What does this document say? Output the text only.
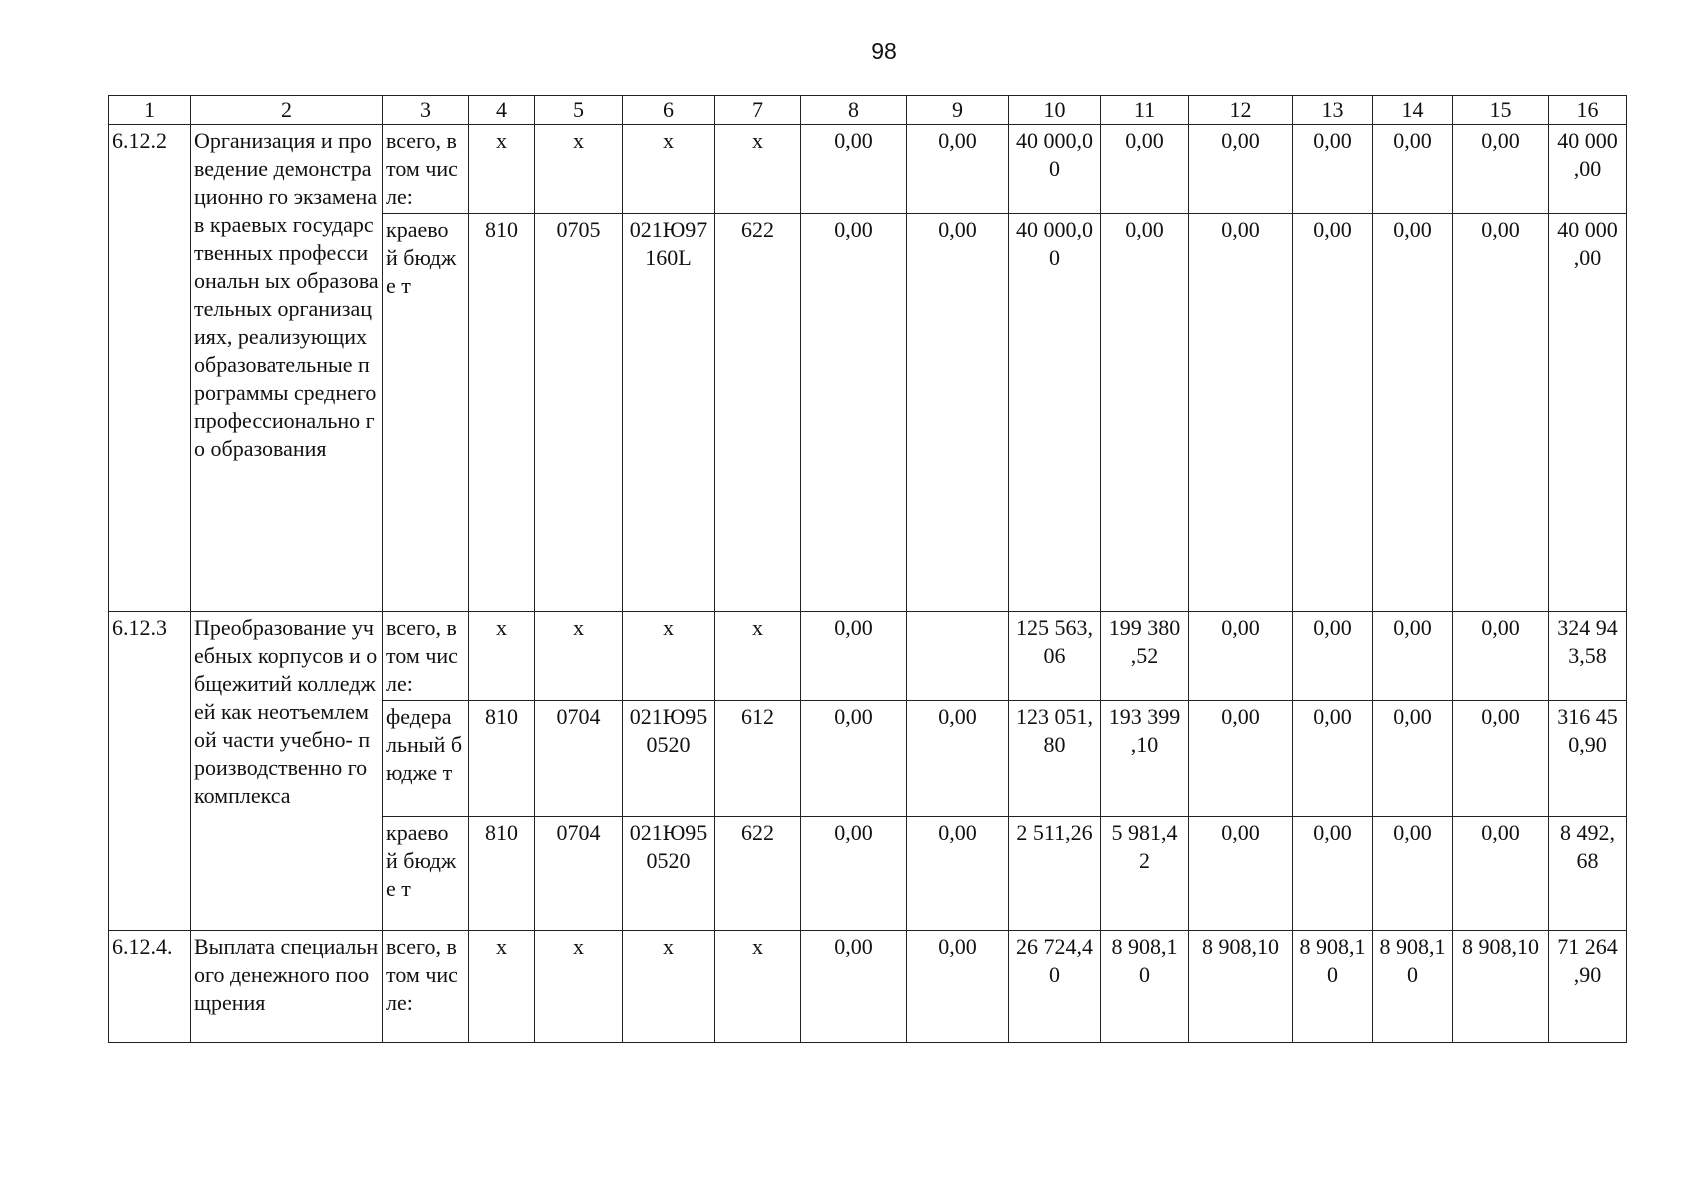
98
1	2	3	4	5	6	7	8	9	10	11	12	13	14	15	16
6.12.2	Организация и проведение демонстрационно го экзамена в краевых государственных профессиональн ых образовательных организациях, реализующих образовательные программы среднего профессионально го образования	всего, в том числе:	х	х	х	х	0,00	0,00	40 000,0 0	0,00	0,00	0,00	0,00	0,00	40 000 ,00
		краево й бюдже т	810	0705	021Ю97 160L	622	0,00	0,00	40 000,0 0	0,00	0,00	0,00	0,00	0,00	40 000 ,00
6.12.3	Преобразование учебных корпусов и общежитий колледжей как неотъемлемой части учебно- производственно го комплекса	всего, в том числе:	х	х	х	х	0,00		125 563, 06	199 380 ,52	0,00	0,00	0,00	0,00	324 94 3,58
		федера льный бюдже т	810	0704	021Ю95 0520	612	0,00	0,00	123 051, 80	193 399 ,10	0,00	0,00	0,00	0,00	316 45 0,90
		краево й бюдже т	810	0704	021Ю95 0520	622	0,00	0,00	2 511,26	5 981,4 2	0,00	0,00	0,00	0,00	8 492, 68
6.12.4.	Выплата специального денежного поощрения	всего, в том числе:	х	х	х	х	0,00	0,00	26 724,4 0	8 908,1 0	8 908,10	8 908,1 0	8 908,1 0	8 908,10	71 264 ,90
